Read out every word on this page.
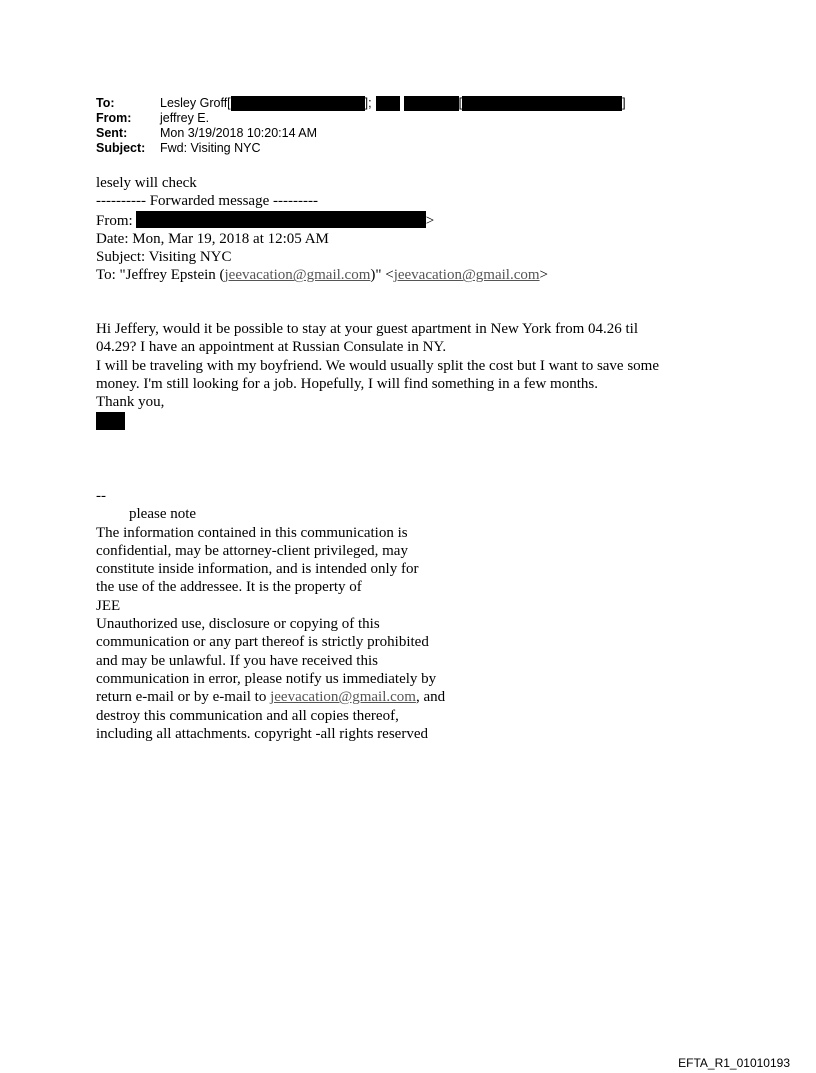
To:	Lesley Groff [	];	[	]
From:	jeffrey E.
Sent:	Mon 3/19/2018 10:20:14 AM
Subject:	Fwd: Visiting NYC
lesely will check
---------- Forwarded message ---------
From:	>
Date: Mon, Mar 19, 2018 at 12:05 AM
Subject: Visiting NYC
To: "Jeffrey Epstein (jeevacation@gmail.com)" <jeevacation@gmail.com>
Hi Jeffery, would it be possible to stay at your guest apartment in New York from 04.26 til
04.29? I have an appointment at Russian Consulate in NY.
I will be traveling with my boyfriend. We would usually split the cost but I want to save some
money. I'm still looking for a job. Hopefully, I will find something in a few months.
Thank you,
--
please note
The information contained in this communication is
confidential, may be attorney-client privileged, may
constitute inside information, and is intended only for
the use of the addressee. It is the property of
JEE
Unauthorized use, disclosure or copying of this
communication or any part thereof is strictly prohibited
and may be unlawful. If you have received this
communication in error, please notify us immediately by
return e-mail or by e-mail to jeevacation@gmail.com, and
destroy this communication and all copies thereof,
including all attachments. copyright -all rights reserved
EFTA_R1_01010193
